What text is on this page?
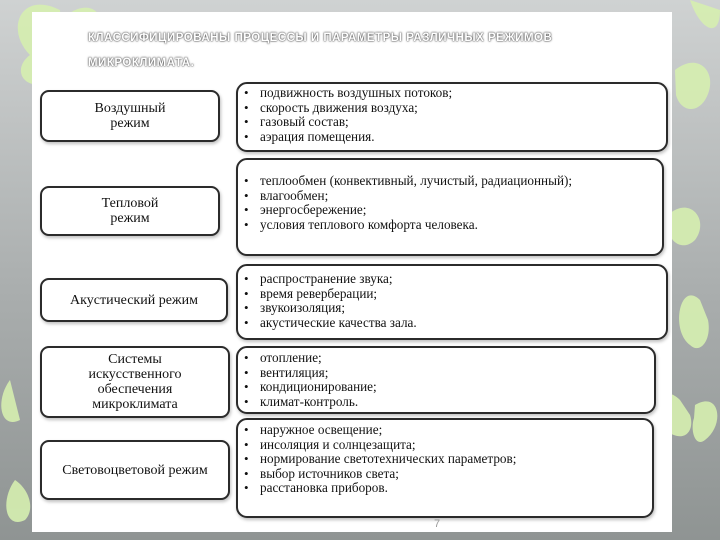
КЛАССИФИЦИРОВАНЫ ПРОЦЕССЫ И ПАРАМЕТРЫ РАЗЛИЧНЫХ РЕЖИМОВ
МИКРОКЛИМАТА.
Воздушный режим
• подвижность воздушных потоков;
• скорость движения воздуха;
• газовый состав;
• аэрация помещения.
Тепловой режим
• теплообмен (конвективный, лучистый, радиационный);
• влагообмен;
• энергосбережение;
• условия теплового комфорта человека.
Акустический режим
• распространение звука;
• время реверберации;
• звукоизоляция;
• акустические качества зала.
Системы искусственного обеспечения микроклимата
• отопление;
• вентиляция;
• кондиционирование;
• климат-контроль.
Световоцветовой режим
• наружное освещение;
• инсоляция и солнцезащита;
• нормирование светотехнических параметров;
• выбор источников света;
• расстановка приборов.
7
